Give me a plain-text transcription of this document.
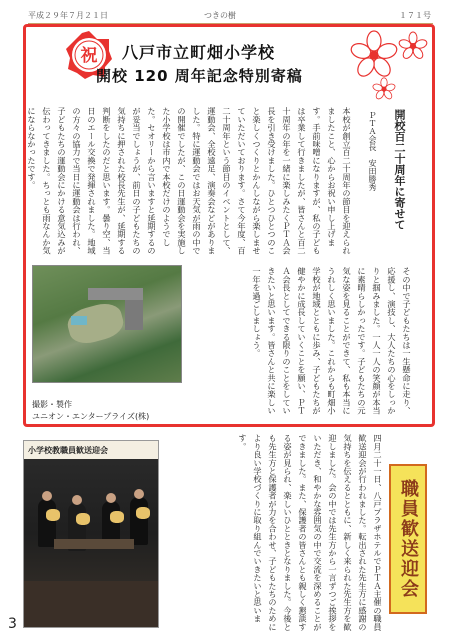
平成２９年７月２１日	つきの樹	１７１号
祝 八戸市立町畑小学校
開校 120 周年記念特別寄稿
開校百二十周年に寄せて
ＰＴＡ会長　安田勝秀
本校が創立百二十周年の節目を迎えられましたこと、心からお祝い申し上げます。手前味噌になりますが、私の子どもは卒業して行きましたが、皆さんと百二十周年の年を一緒に楽しみたくＰＴＡ会長を引き受けました。ひとつひとつのこと楽しくつくりとかんしながら楽しませていただいております。さて今年度、百二十周年という節目のイベントとして、運動会、全校遠足、演奏会などがありました。特に運動会ではお天気が雨の中での開催でしたが、この日運動会を実施した小学校は市内で本校だけのようでした。セオリーから言いますと延期するのが妥当でしょうが、前日の子どもたちの気持ちに押された校長先生が、延期する判断をしたのだと思います。曇り空、当日のエール交換で発揮されました。地域の方々の協力で当日に運動会は行われ、子どもたちの運動会にかける意気込みが伝わってきました。ちっとも雨なんか気にならなかったです。
その中で子どもたちは一生懸命に走り、応援し、演技し、大人たちの心をしっかりと掴みました。一人一人の笑顔が本当に素晴らしかったです。子どもたちの元気な姿を見ることができて、私も本当にうれしく思いました。これからも町畑小学校が地域とともに歩み、子どもたちが健やかに成長していくことを願い、ＰＴＡ会長としてできる限りのことをしていきたいと思います。皆さんと共に楽しい一年を過ごしましょう。
撮影・製作
ユニオン・エンタープライズ(株)
小学校教職員歓送迎会	四月二十一日、八戸プラザホテルでＰＴＡ主催の職員歓送迎会が行われました。転出された先生方に感謝の気持ちを伝えるとともに、新しく来られた先生方を歓迎しました。会の中では先生方から一言ずつご挨拶をいただき、和やかな雰囲気の中で交流を深めることができました。また、保護者の皆さんとも親しく懇談する姿が見られ、楽しいひとときとなりました。今後とも先生方と保護者が力を合わせ、子どもたちのためにより良い学校づくりに取り組んでいきたいと思います。
職員歓送迎会
3
